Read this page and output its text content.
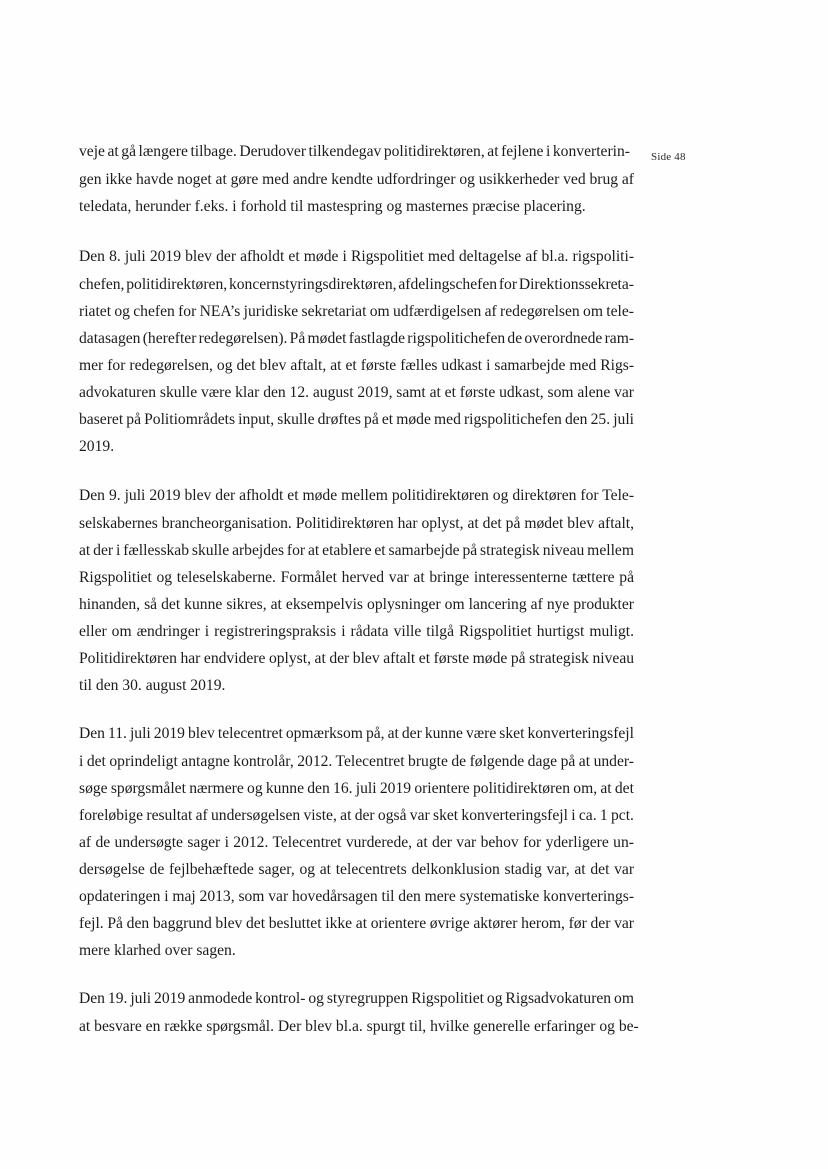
Side 48
veje at gå længere tilbage. Derudover tilkendegav politidirektøren, at fejlene i konverterin-
gen ikke havde noget at gøre med andre kendte udfordringer og usikkerheder ved brug af
teledata, herunder f.eks. i forhold til mastespring og masternes præcise placering.
Den 8. juli 2019 blev der afholdt et møde i Rigspolitiet med deltagelse af bl.a. rigspoliti-
chefen, politidirektøren, koncernstyringsdirektøren, afdelingschefen for Direktionssekreta-
riatet og chefen for NEA’s juridiske sekretariat om udfærdigelsen af redegørelsen om tele-
datasagen (herefter redegørelsen). På mødet fastlagde rigspolitichefen de overordnede ram-
mer for redegørelsen, og det blev aftalt, at et første fælles udkast i samarbejde med Rigs-
advokaturen skulle være klar den 12. august 2019, samt at et første udkast, som alene var
baseret på Politiområdets input, skulle drøftes på et møde med rigspolitichefen den 25. juli
2019.
Den 9. juli 2019 blev der afholdt et møde mellem politidirektøren og direktøren for Tele-
selskabernes brancheorganisation. Politidirektøren har oplyst, at det på mødet blev aftalt,
at der i fællesskab skulle arbejdes for at etablere et samarbejde på strategisk niveau mellem
Rigspolitiet og teleselskaberne. Formålet herved var at bringe interessenterne tættere på
hinanden, så det kunne sikres, at eksempelvis oplysninger om lancering af nye produkter
eller om ændringer i registreringspraksis i rådata ville tilgå Rigspolitiet hurtigst muligt.
Politidirektøren har endvidere oplyst, at der blev aftalt et første møde på strategisk niveau
til den 30. august 2019.
Den 11. juli 2019 blev telecentret opmærksom på, at der kunne være sket konverteringsfejl
i det oprindeligt antagne kontrolår, 2012. Telecentret brugte de følgende dage på at under-
søge spørgsmålet nærmere og kunne den 16. juli 2019 orientere politidirektøren om, at det
foreløbige resultat af undersøgelsen viste, at der også var sket konverteringsfejl i ca. 1 pct.
af de undersøgte sager i 2012. Telecentret vurderede, at der var behov for yderligere un-
dersøgelse de fejlbehæftede sager, og at telecentrets delkonklusion stadig var, at det var
opdateringen i maj 2013, som var hovedårsagen til den mere systematiske konverterings-
fejl. På den baggrund blev det besluttet ikke at orientere øvrige aktører herom, før der var
mere klarhed over sagen.
Den 19. juli 2019 anmodede kontrol- og styregruppen Rigspolitiet og Rigsadvokaturen om
at besvare en række spørgsmål. Der blev bl.a. spurgt til, hvilke generelle erfaringer og be-
